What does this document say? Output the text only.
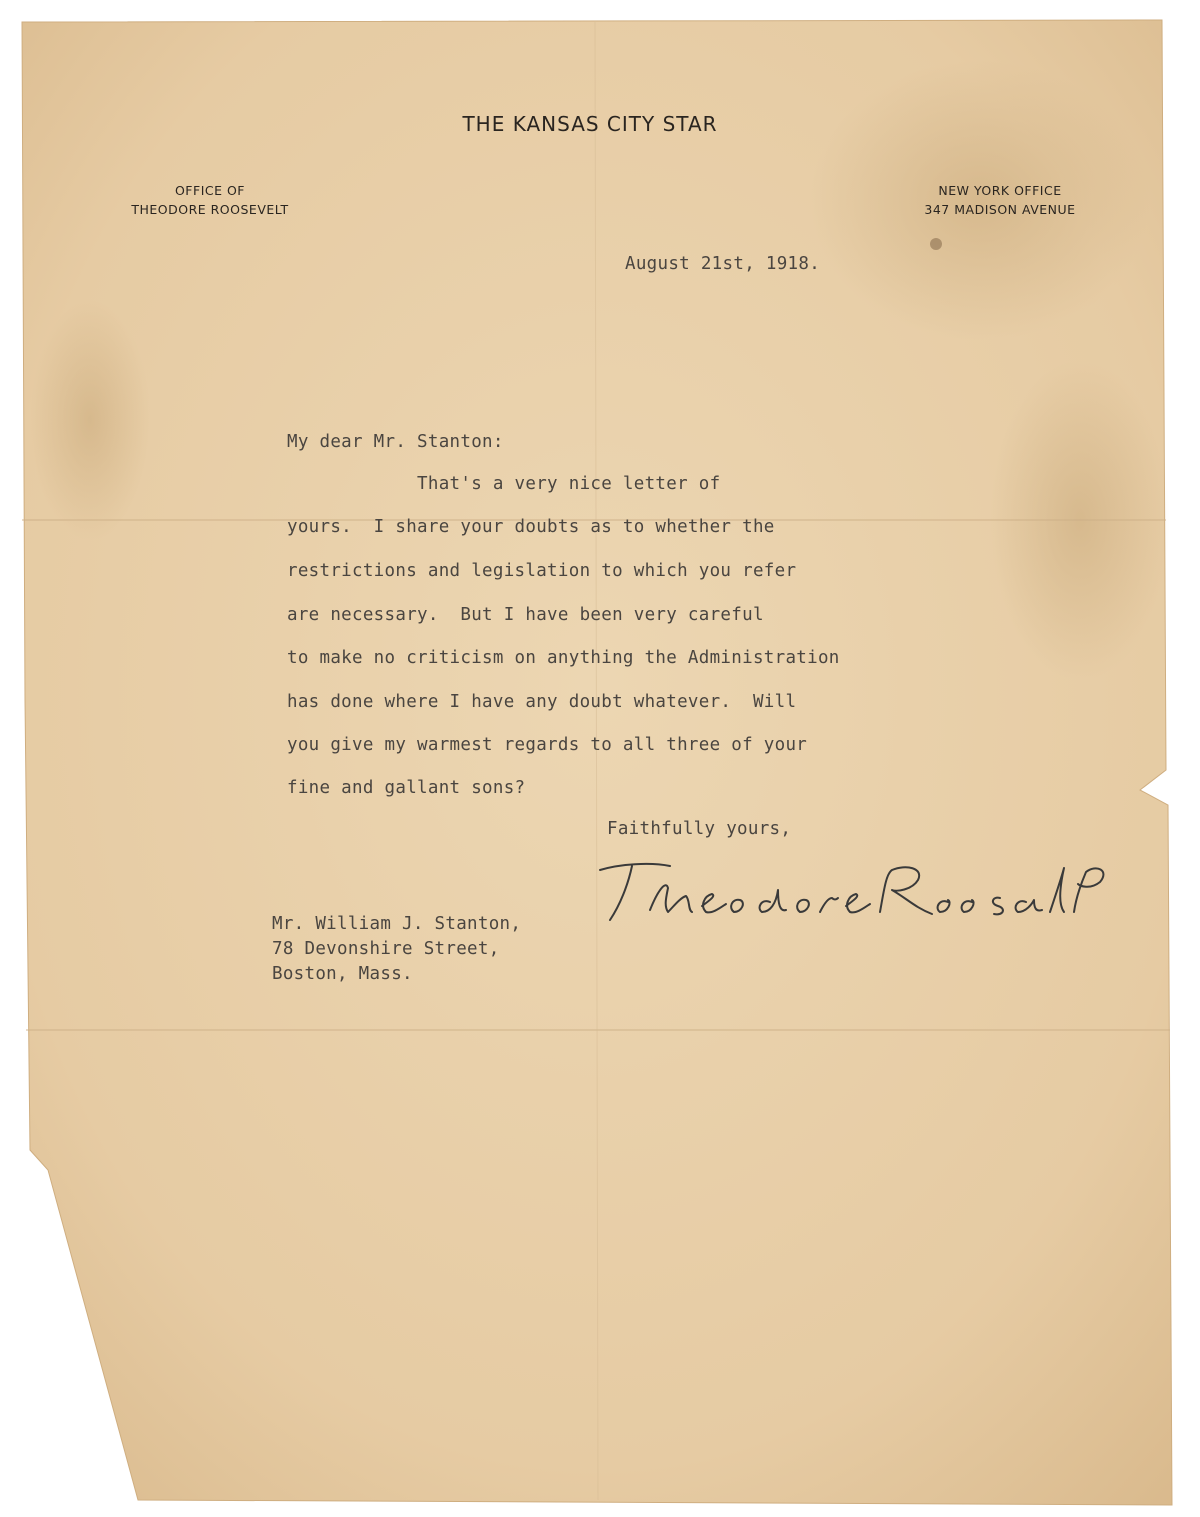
THE KANSAS CITY STAR
OFFICE OF
THEODORE ROOSEVELT
NEW YORK OFFICE
347 MADISON AVENUE
August 21st, 1918.
My dear Mr. Stanton:
That's a very nice letter of
yours.  I share your doubts as to whether the
restrictions and legislation to which you refer
are necessary.  But I have been very careful
to make no criticism on anything the Administration
has done where I have any doubt whatever.  Will
you give my warmest regards to all three of your
fine and gallant sons?
Faithfully yours,
Mr. William J. Stanton,
78 Devonshire Street,
Boston, Mass.
